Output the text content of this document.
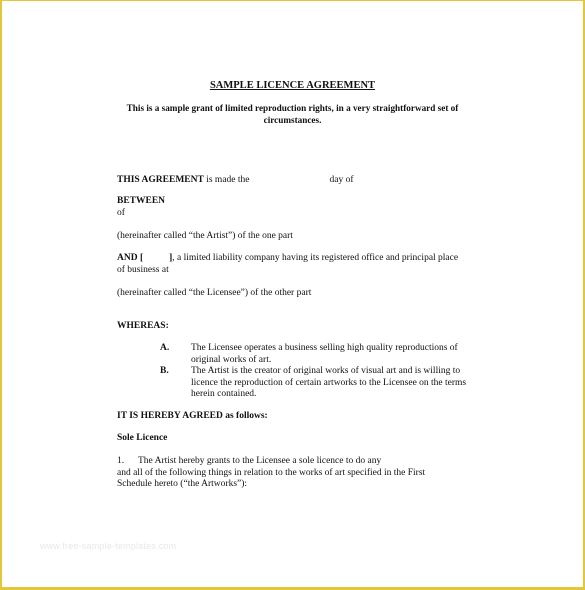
SAMPLE LICENCE AGREEMENT
This is a sample grant of limited reproduction rights, in a very straightforward set of circumstances.
THIS AGREEMENT is made the	day of
BETWEEN
of
(hereinafter called “the Artist”) of the one part
AND [	], a limited liability company having its registered office and principal place of business at
(hereinafter called “the Licensee”) of the other part
WHEREAS:
A. The Licensee operates a business selling high quality reproductions of original works of art.
B. The Artist is the creator of original works of visual art and is willing to licence the reproduction of certain artworks to the Licensee on the terms herein contained.
IT IS HEREBY AGREED as follows:
Sole Licence
1. The Artist hereby grants to the Licensee a sole licence to do any
and all of the following things in relation to the works of art specified in the First Schedule hereto (“the Artworks”):
www.free-sample-templates.com
